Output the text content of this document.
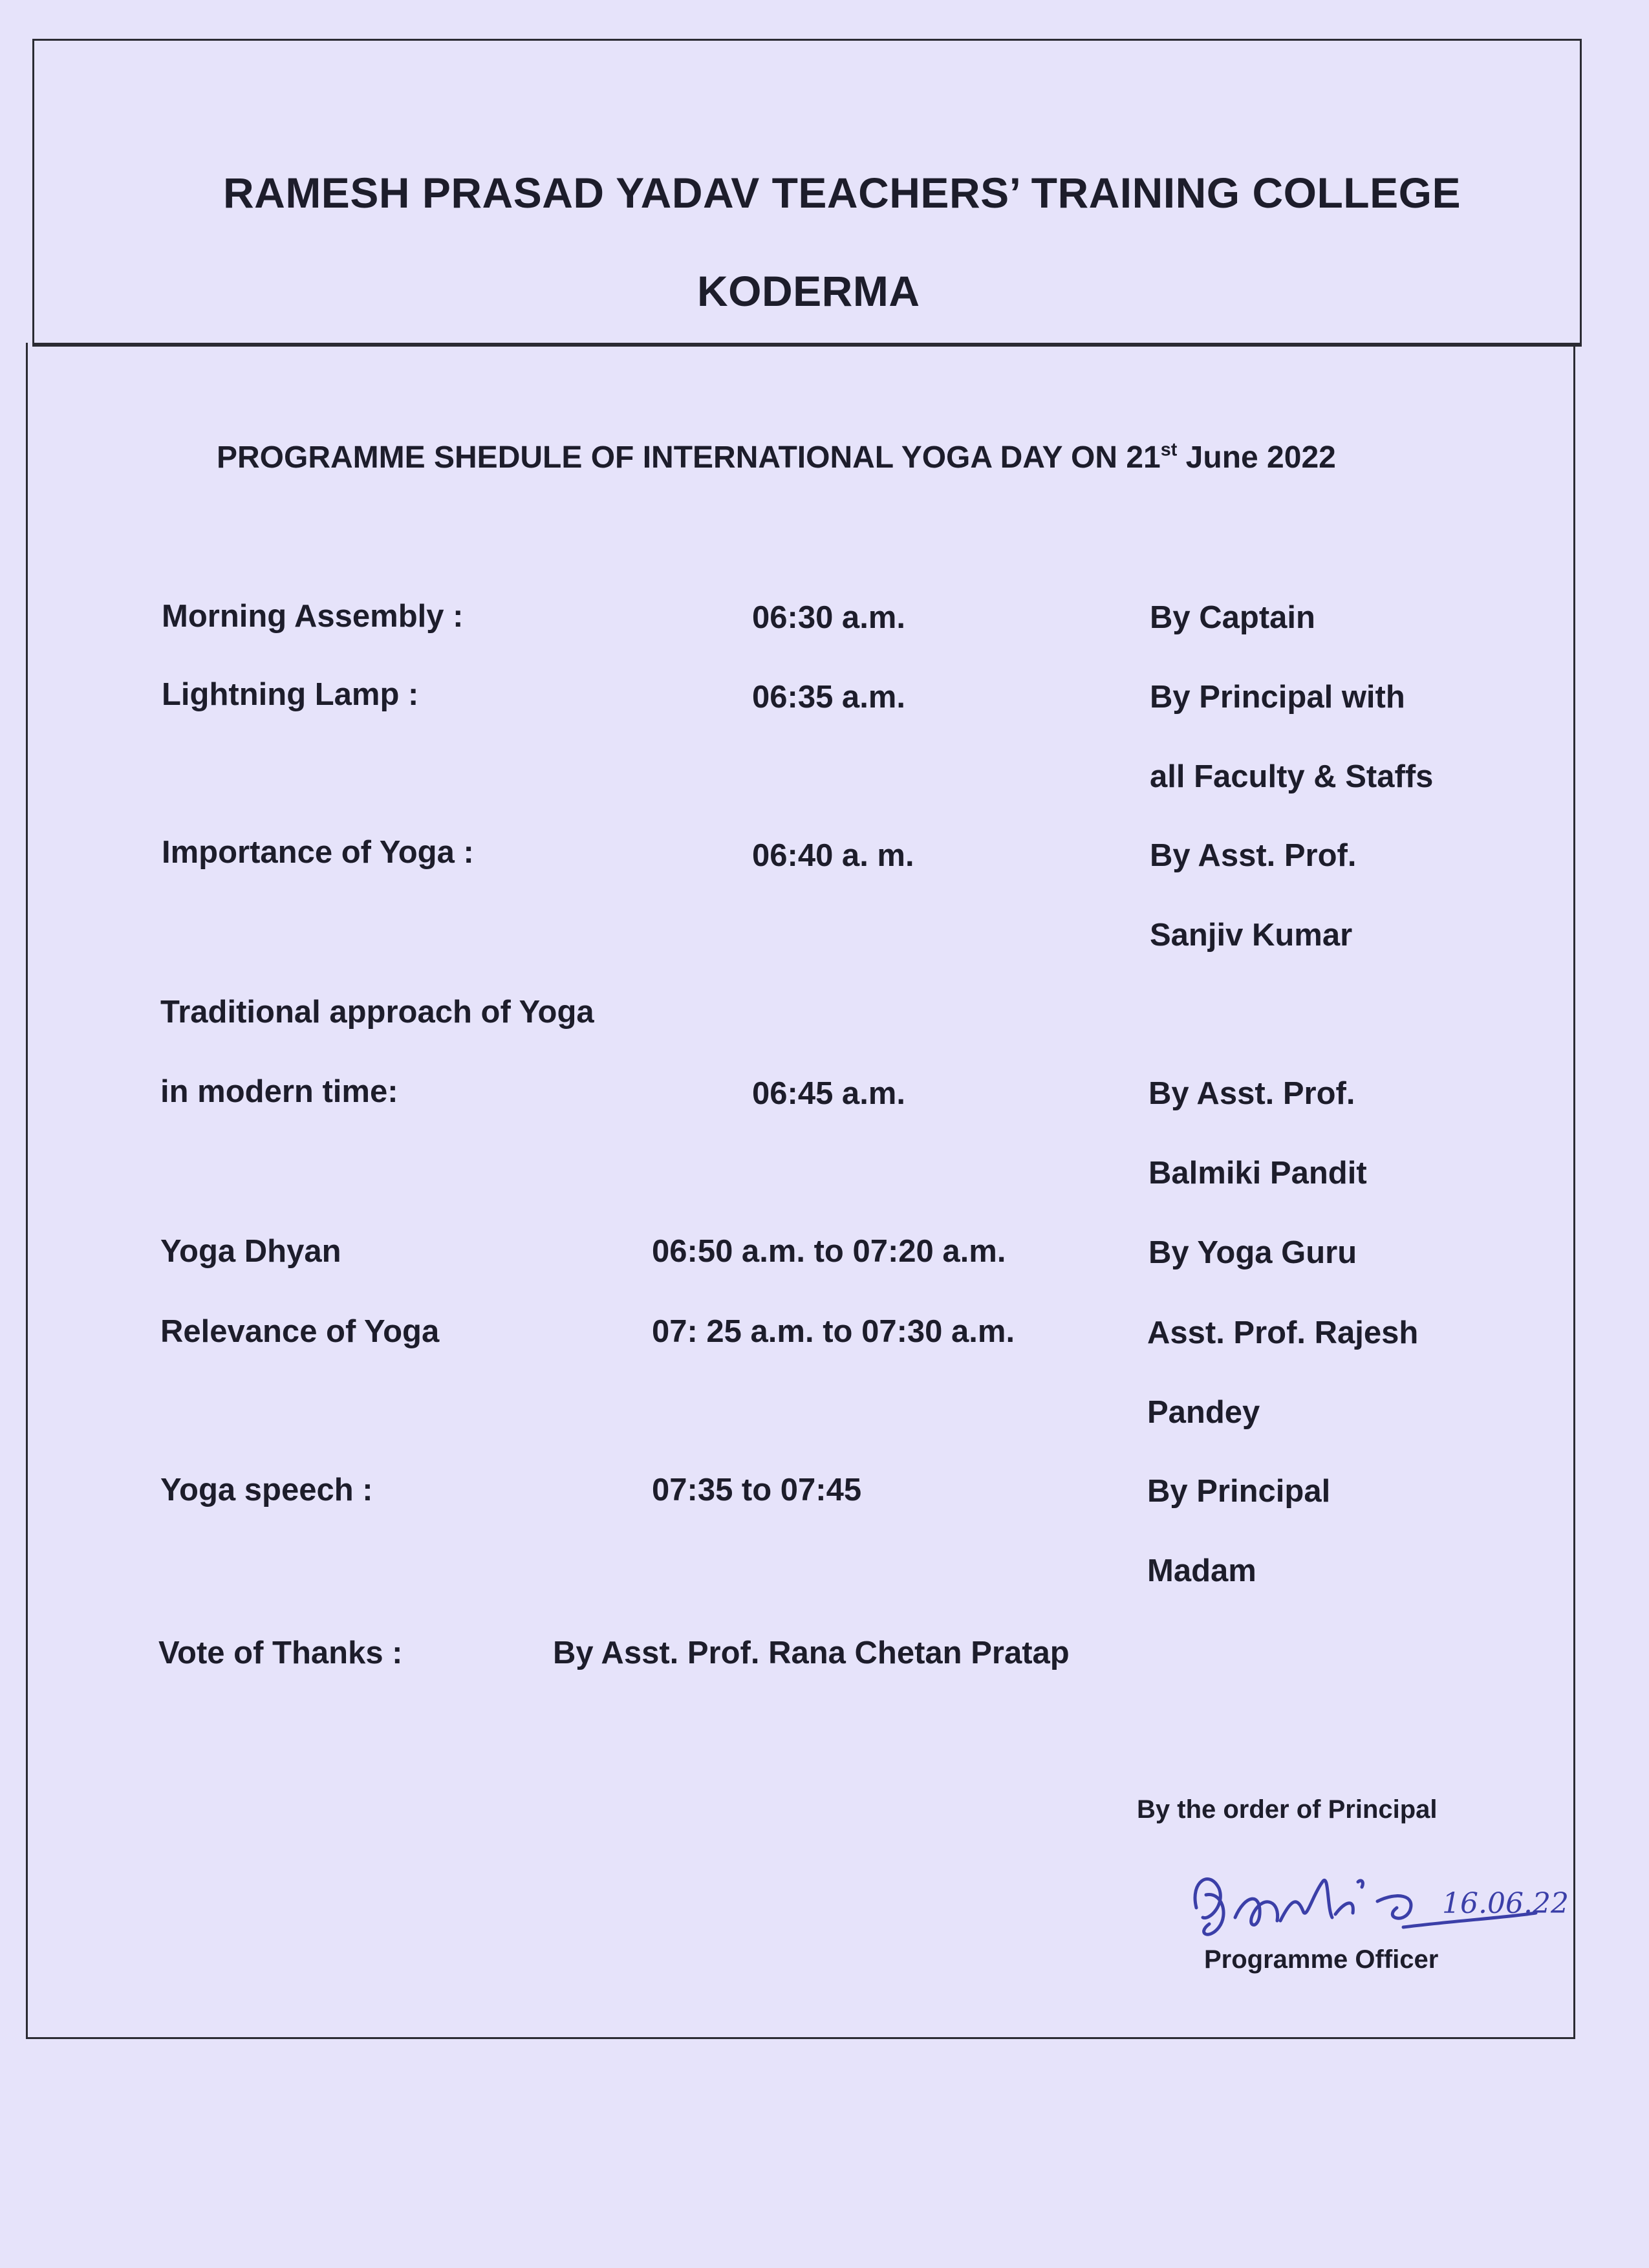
RAMESH PRASAD YADAV TEACHERS’ TRAINING COLLEGE
KODERMA
PROGRAMME SHEDULE OF INTERNATIONAL YOGA DAY ON 21st June 2022
Morning Assembly :	06:30 a.m.	By Captain
Lightning Lamp :	06:35 a.m.	By Principal with
all Faculty & Staffs
Importance of Yoga :	06:40 a. m.	By Asst. Prof.
Sanjiv Kumar
Traditional approach of Yoga
in modern time:	06:45 a.m.	By Asst. Prof.
Balmiki Pandit
Yoga Dhyan	06:50 a.m. to 07:20 a.m.	By Yoga Guru
Relevance of Yoga	07: 25 a.m. to 07:30 a.m.	Asst. Prof. Rajesh
Pandey
Yoga speech :	07:35 to 07:45	By Principal
Madam
Vote of Thanks :	By Asst. Prof. Rana Chetan Pratap
By the order of Principal
16.06.22
Programme Officer
